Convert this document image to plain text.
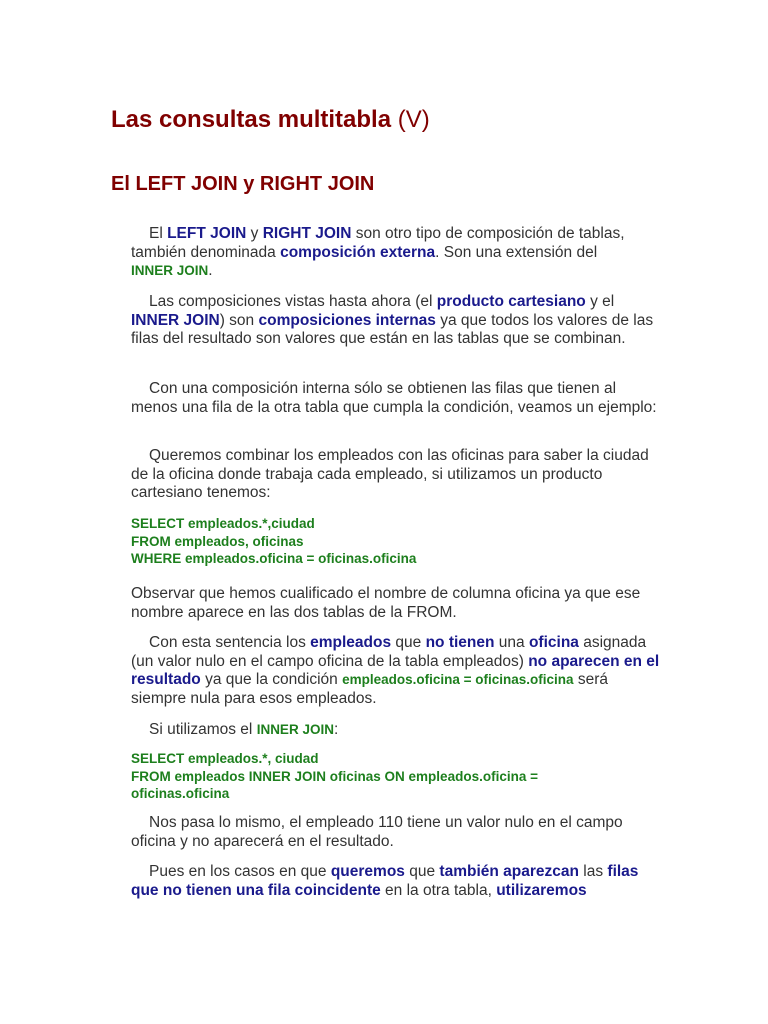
Las consultas multitabla (V)
El LEFT JOIN y RIGHT JOIN

El LEFT JOIN y RIGHT JOIN son otro tipo de composición de tablas, también denominada composición externa. Son una extensión del
INNER JOIN.

Las composiciones vistas hasta ahora (el producto cartesiano y el INNER JOIN) son composiciones internas ya que todos los valores de las filas del resultado son valores que están en las tablas que se combinan.

Con una composición interna sólo se obtienen las filas que tienen al menos una fila de la otra tabla que cumpla la condición, veamos un ejemplo:

Queremos combinar los empleados con las oficinas para saber la ciudad de la oficina donde trabaja cada empleado, si utilizamos un producto cartesiano tenemos:

SELECT empleados.*,ciudad
FROM empleados, oficinas
WHERE empleados.oficina = oficinas.oficina

Observar que hemos cualificado el nombre de columna oficina ya que ese nombre aparece en las dos tablas de la FROM.

Con esta sentencia los empleados que no tienen una oficina asignada (un valor nulo en el campo oficina de la tabla empleados) no aparecen en el resultado ya que la condición empleados.oficina = oficinas.oficina será siempre nula para esos empleados.

Si utilizamos el INNER JOIN:

SELECT empleados.*, ciudad
FROM empleados INNER JOIN oficinas ON empleados.oficina =
oficinas.oficina

Nos pasa lo mismo, el empleado 110 tiene un valor nulo en el campo oficina y no aparecerá en el resultado.

Pues en los casos en que queremos que también aparezcan las filas que no tienen una fila coincidente en la otra tabla, utilizaremos
